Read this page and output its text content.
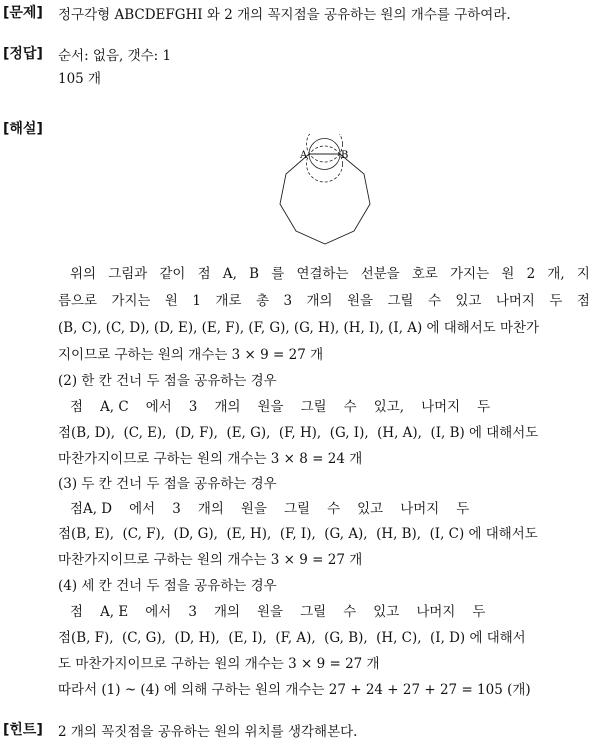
[문제] 정구각형 ABCDEFGHI 와 2 개의 꼭지점을 공유하는 원의 개수를 구하여라.
[정답] 순서: 없음, 갯수: 1
105 개
[해설]
A	B
위의 그림과 같이 점 A, B 를 연결하는 선분을 호로 가지는 원 2 개, 지
름으로 가지는 원 1 개로 총 3 개의 원을 그릴 수 있고 나머지 두 점
(B, C), (C, D), (D, E), (E, F), (F, G), (G, H), (H, I), (I, A) 에 대해서도 마찬가
지이므로 구하는 원의 개수는 3 × 9 = 27 개
(2) 한 칸 건너 두 점을 공유하는 경우
점    A, C    에서    3    개의    원을    그릴    수    있고,    나머지    두
점(B, D),  (C, E),  (D, F),  (E, G),  (F, H),  (G, I),  (H, A),  (I, B) 에 대해서도
마찬가지이므로 구하는 원의 개수는 3 × 8 = 24 개
(3) 두 칸 건너 두 점을 공유하는 경우
점A, D    에서    3    개의    원을    그릴    수    있고    나머지    두
점(B, E),  (C, F),  (D, G),  (E, H),  (F, I),  (G, A),  (H, B),  (I, C) 에 대해서도
마찬가지이므로 구하는 원의 개수는 3 × 9 = 27 개
(4) 세 칸 건너 두 점을 공유하는 경우
점    A, E    에서    3    개의    원을    그릴    수    있고    나머지    두
점(B, F),  (C, G),  (D, H),  (E, I),  (F, A),  (G, B),  (H, C),  (I, D) 에 대해서
도 마찬가지이므로 구하는 원의 개수는 3 × 9 = 27 개
따라서 (1) ~ (4) 에 의해 구하는 원의 개수는 27 + 24 + 27 + 27 = 105 (개)
[힌트] 2 개의 꼭짓점을 공유하는 원의 위치를 생각해본다.
